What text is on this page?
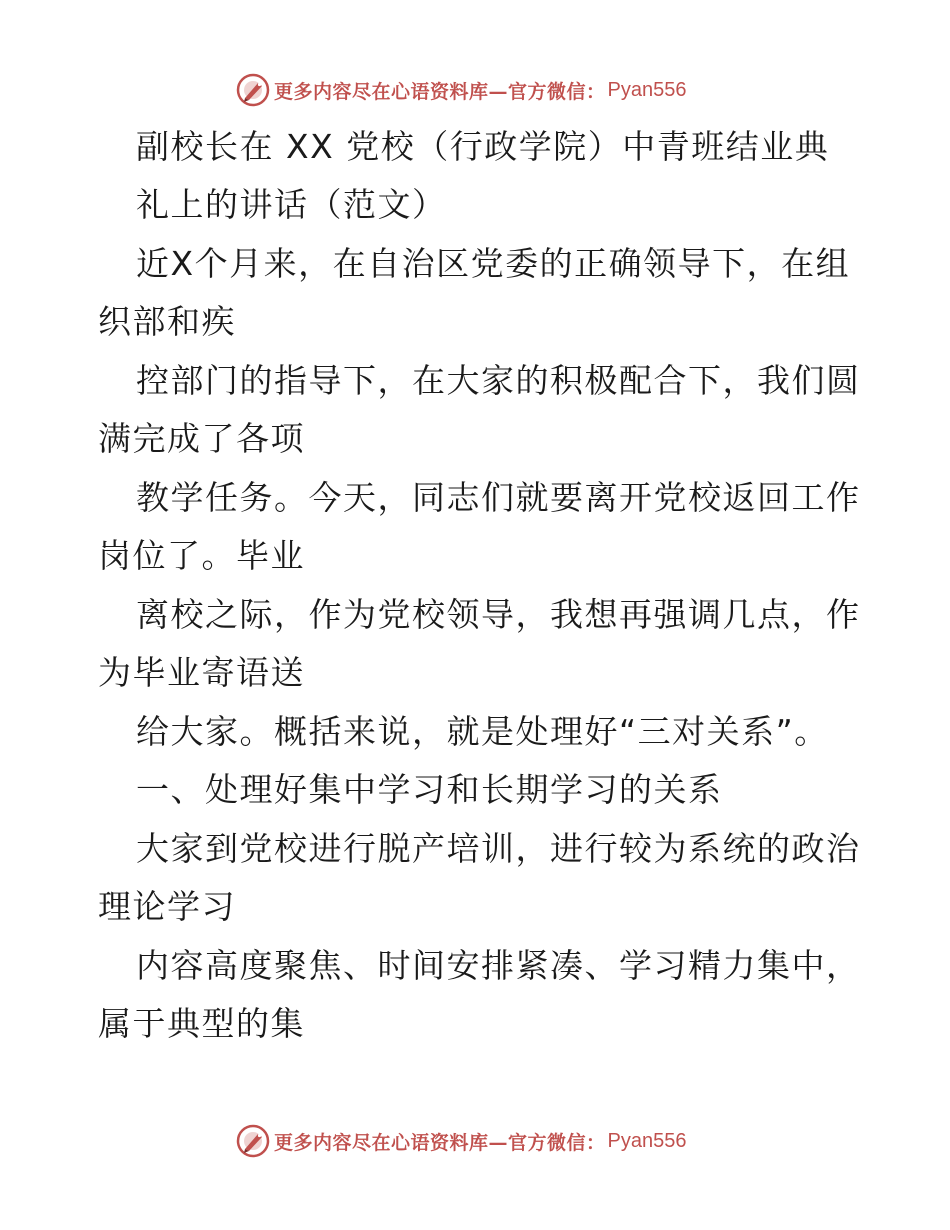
更多内容尽在心语资料库—官方微信： Pyan556
副校长在 XX 党校（行政学院）中青班结业典
礼上的讲话（范文）
近X个月来，在自治区党委的正确领导下，在组
织部和疾
控部门的指导下，在大家的积极配合下，我们圆
满完成了各项
教学任务。今天，同志们就要离开党校返回工作
岗位了。毕业
离校之际，作为党校领导，我想再强调几点，作
为毕业寄语送
给大家。概括来说，就是处理好“三对关系”。
一、处理好集中学习和长期学习的关系
大家到党校进行脱产培训，进行较为系统的政治
理论学习
内容高度聚焦、时间安排紧凑、学习精力集中，
属于典型的集
更多内容尽在心语资料库—官方微信： Pyan556
